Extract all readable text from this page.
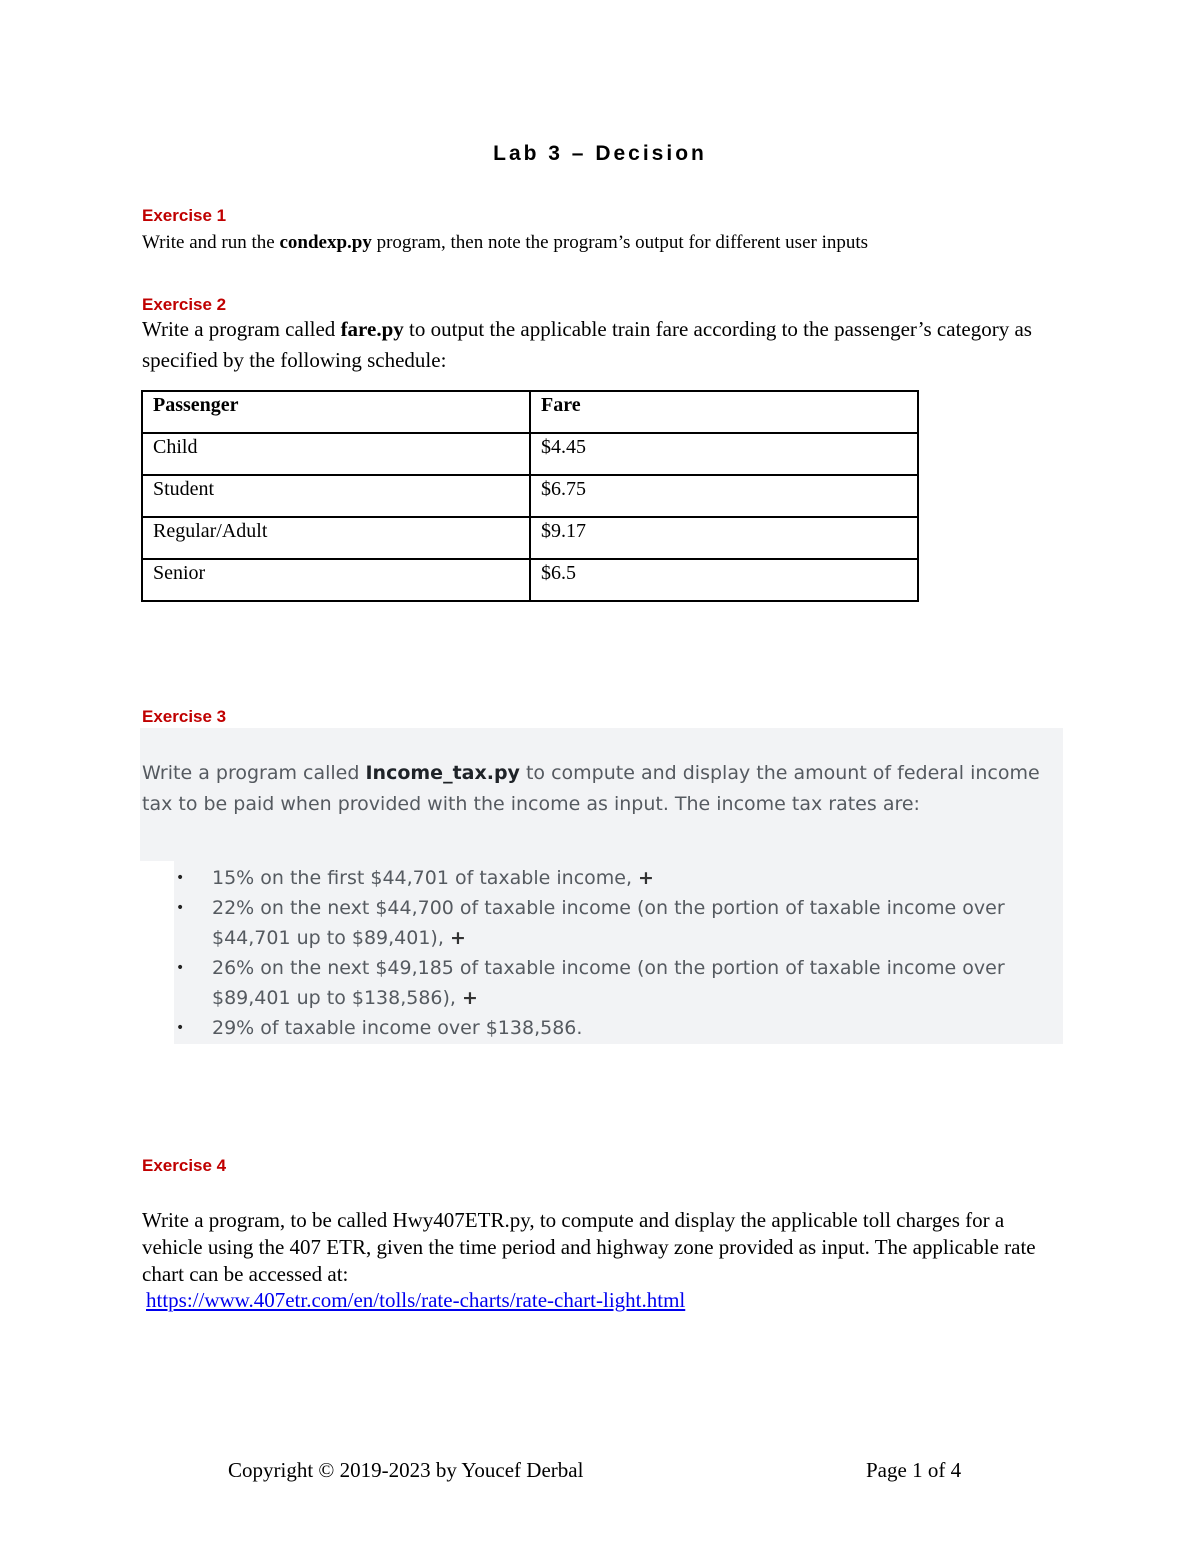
Lab 3 – Decision
Exercise 1
Write and run the condexp.py program, then note the program’s output for different user inputs
Exercise 2
Write a program called fare.py to output the applicable train fare according to the passenger’s category as specified by the following schedule:
Passenger	Fare
Child	$4.45
Student	$6.75
Regular/Adult	$9.17
Senior	$6.5
Exercise 3
Write a program called Income_tax.py to compute and display the amount of federal income tax to be paid when provided with the income as input. The income tax rates are:
• 15% on the first $44,701 of taxable income, +
• 22% on the next $44,700 of taxable income (on the portion of taxable income over $44,701 up to $89,401), +
• 26% on the next $49,185 of taxable income (on the portion of taxable income over $89,401 up to $138,586), +
• 29% of taxable income over $138,586.
Exercise 4
Write a program, to be called Hwy407ETR.py, to compute and display the applicable toll charges for a vehicle using the 407 ETR, given the time period and highway zone provided as input. The applicable rate chart can be accessed at:
https://www.407etr.com/en/tolls/rate-charts/rate-chart-light.html
Copyright © 2019-2023 by Youcef Derbal	Page 1 of 4
